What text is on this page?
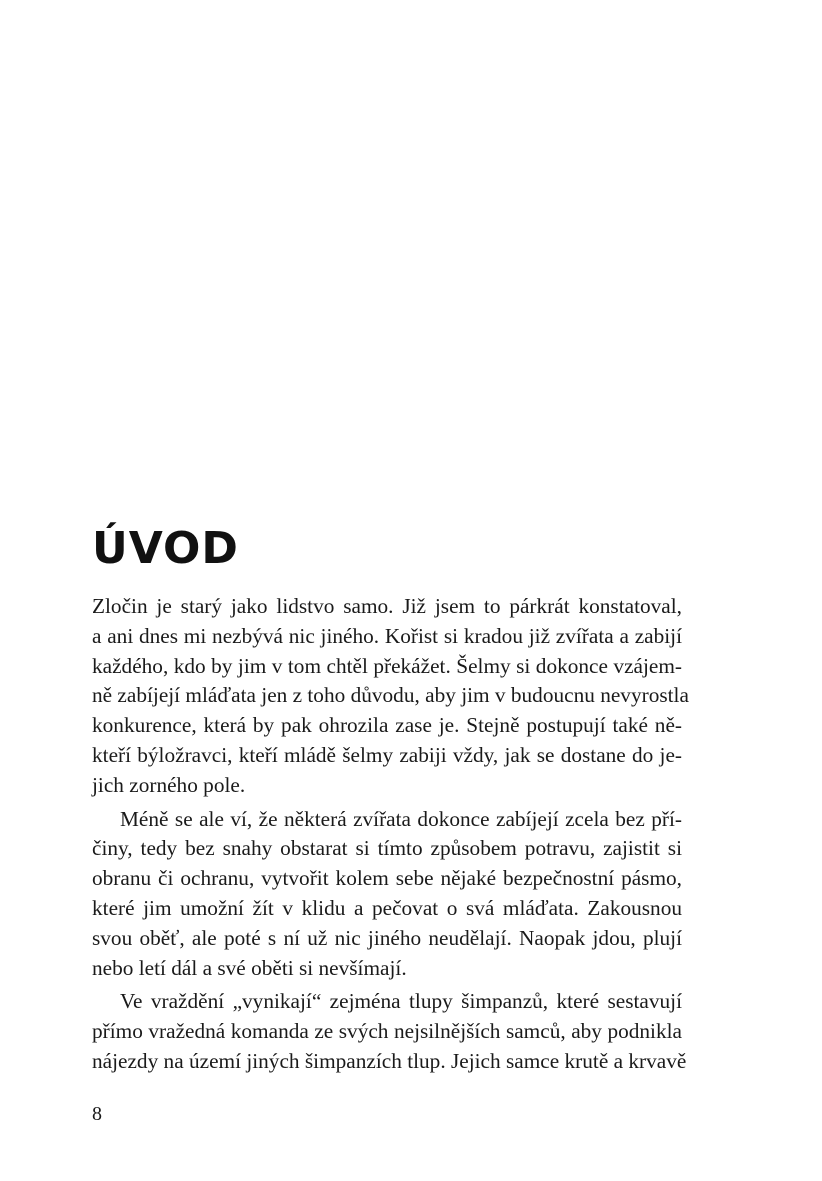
ÚVOD
Zločin je starý jako lidstvo samo. Již jsem to párkrát konstatoval,
a ani dnes mi nezbývá nic jiného. Kořist si kradou již zvířata a zabijí
každého, kdo by jim v tom chtěl překážet. Šelmy si dokonce vzájem-
ně zabíjejí mláďata jen z toho důvodu, aby jim v budoucnu nevyrostla
konkurence, která by pak ohrozila zase je. Stejně postupují také ně-
kteří býložravci, kteří mládě šelmy zabiji vždy, jak se dostane do je-
jich zorného pole.
Méně se ale ví, že některá zvířata dokonce zabíjejí zcela bez pří-
činy, tedy bez snahy obstarat si tímto způsobem potravu, zajistit si
obranu či ochranu, vytvořit kolem sebe nějaké bezpečnostní pásmo,
které jim umožní žít v klidu a pečovat o svá mláďata. Zakousnou
svou oběť, ale poté s ní už nic jiného neudělají. Naopak jdou, plují
nebo letí dál a své oběti si nevšímají.
Ve vraždění „vynikají“ zejména tlupy šimpanzů, které sestavují
přímo vražedná komanda ze svých nejsilnějších samců, aby podnikla
nájezdy na území jiných šimpanzích tlup. Jejich samce krutě a krvavě
8
